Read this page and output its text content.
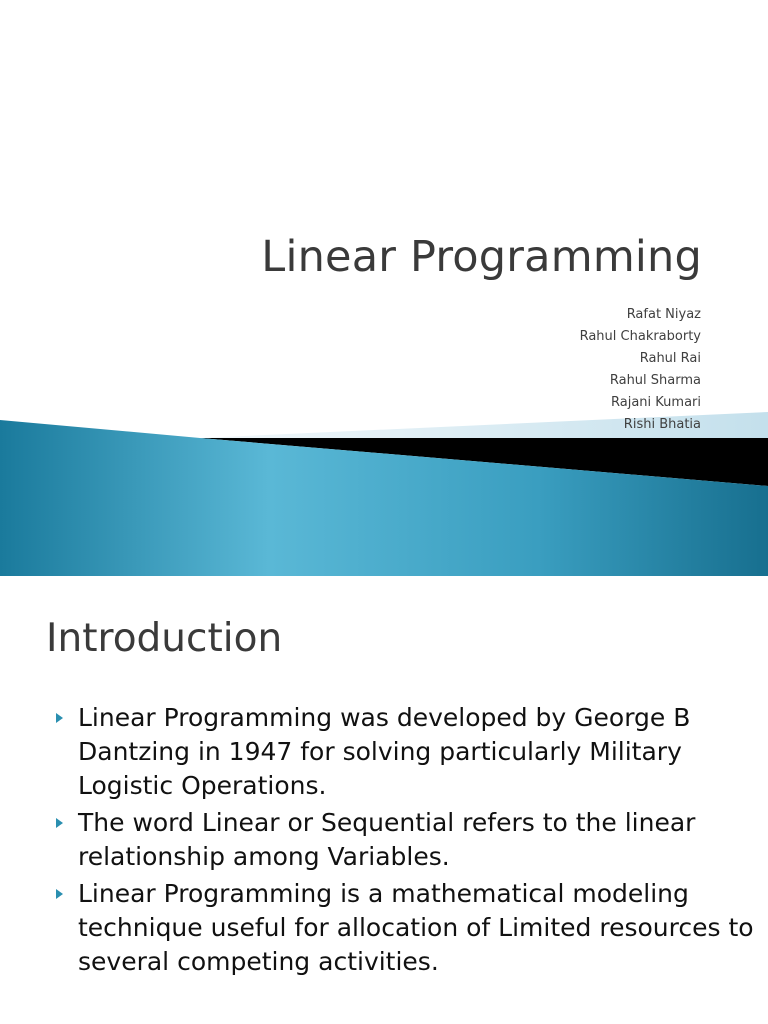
Linear Programming
Rafat Niyaz
Rahul Chakraborty
Rahul Rai
Rahul Sharma
Rajani Kumari
Rishi Bhatia
Introduction
Linear Programming was developed by George B Dantzing in 1947 for solving particularly Military Logistic Operations.
The word Linear or Sequential refers to the linear relationship among Variables.
Linear Programming is a mathematical modeling technique useful for allocation of Limited resources to several competing activities.
